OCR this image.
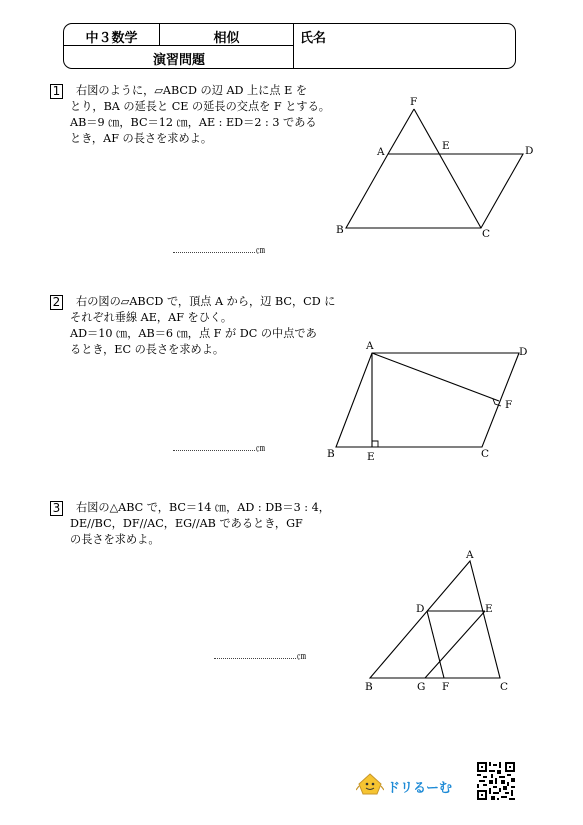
中３数学	相似	氏名
演習問題
1	右図のように，▱ABCD の辺 AD 上に点 E を
とり，BA の延長と CE の延長の交点を F とする。
AB＝9 ㎝，BC＝12 ㎝，AE : ED＝2 : 3 である
とき，AF の長さを求めよ。
㎝
F
E
A	D
B	C
2	右の図の▱ABCD で，頂点 A から，辺 BC，CD に
それぞれ垂線 AE，AF をひく。
AD＝10 ㎝，AB＝6 ㎝，点 F が DC の中点であ
るとき，EC の長さを求めよ。
㎝
A	D
F
B	E	C
3	右図の△ABC で，BC＝14 ㎝，AD : DB＝3 : 4，
DE//BC，DF//AC，EG//AB であるとき，GF
の長さを求めよ。
㎝
A
D	E
B	G F	C
ドリるーむ
